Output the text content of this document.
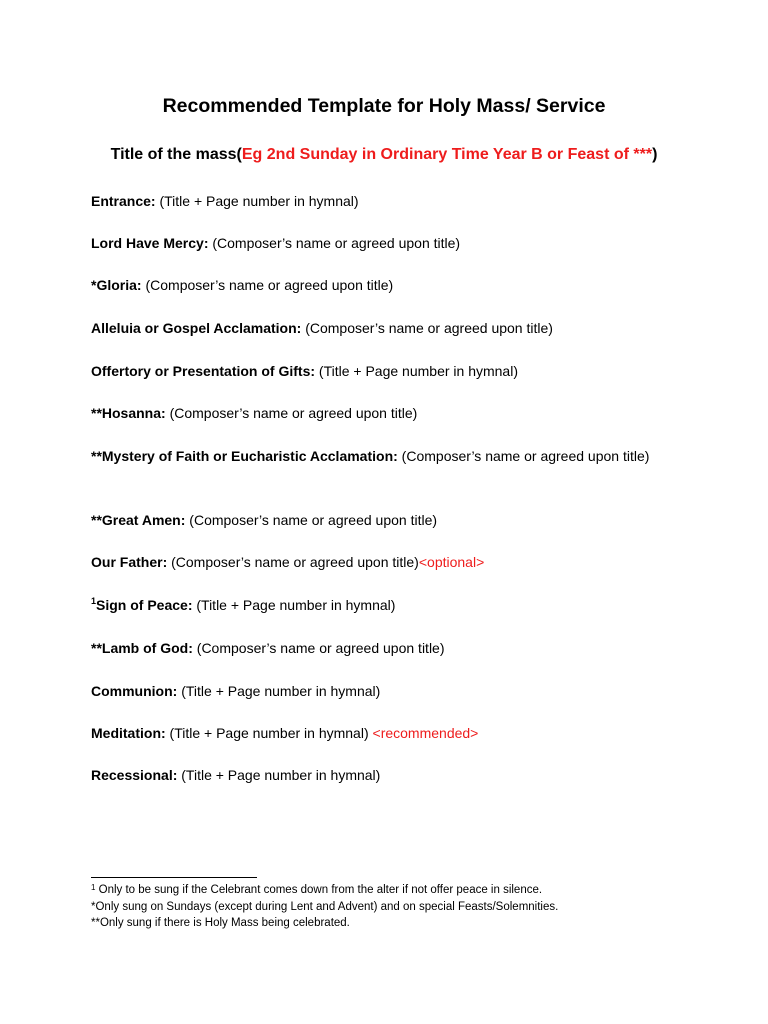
Recommended Template for Holy Mass/ Service

Title of the mass(Eg 2nd Sunday in Ordinary Time Year B or Feast of ***)

Entrance: (Title + Page number in hymnal)

Lord Have Mercy: (Composer’s name or agreed upon title)

*Gloria: (Composer’s name or agreed upon title)

Alleluia or Gospel Acclamation: (Composer’s name or agreed upon title)

Offertory or Presentation of Gifts: (Title + Page number in hymnal)

**Hosanna: (Composer’s name or agreed upon title)

**Mystery of Faith or Eucharistic Acclamation: (Composer’s name or agreed upon title)

**Great Amen: (Composer’s name or agreed upon title)

Our Father: (Composer’s name or agreed upon title)<optional>

$^1$Sign of Peace: (Title + Page number in hymnal)

**Lamb of God: (Composer’s name or agreed upon title)

Communion: (Title + Page number in hymnal)

Meditation: (Title + Page number in hymnal) <recommended>

Recessional: (Title + Page number in hymnal)

$^1$ Only to be sung if the Celebrant comes down from the alter if not offer peace in silence.

*Only sung on Sundays (except during Lent and Advent) and on special Feasts/Solemnities.

**Only sung if there is Holy Mass being celebrated.
